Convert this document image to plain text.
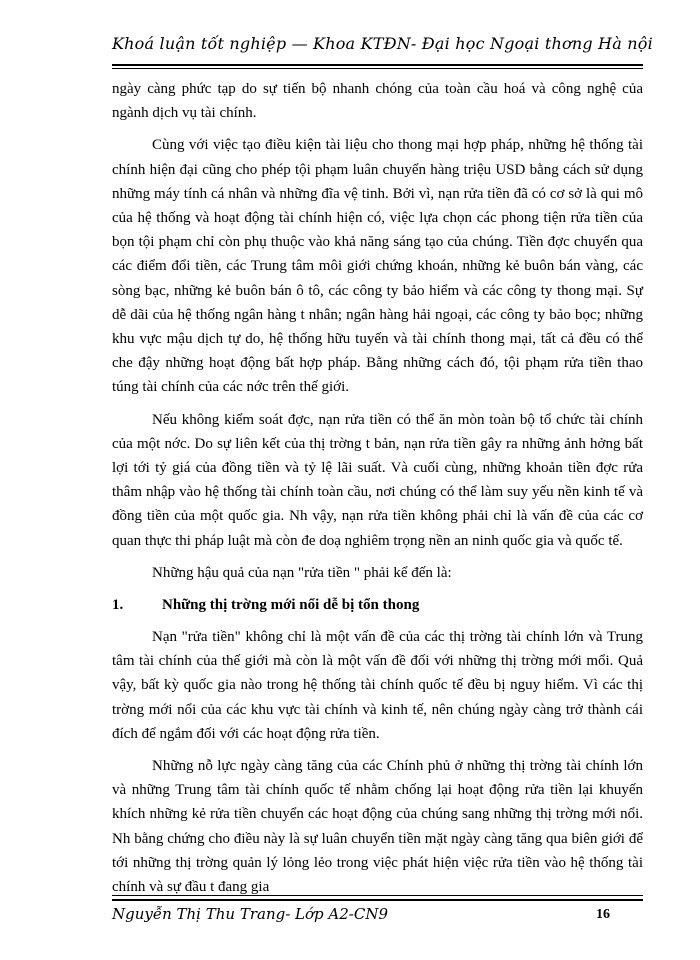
Khoá luận tốt nghiệp — Khoa KTĐN- Đại học Ngoại thơng Hà nội

ngày càng phức tạp do sự tiến bộ nhanh chóng của toàn cầu hoá và công nghệ của ngành dịch vụ tài chính.

Cùng với việc tạo điều kiện tài liệu cho thong mại hợp pháp, những hệ thống tài chính hiện đại cũng cho phép tội phạm luân chuyển hàng triệu USD bằng cách sử dụng những máy tính cá nhân và những đĩa vệ tinh. Bởi vì, nạn rửa tiền đã có cơ sở là qui mô của hệ thống và hoạt động tài chính hiện có, việc lựa chọn các phong tiện rửa tiền của bọn tội phạm chỉ còn phụ thuộc vào khả năng sáng tạo của chúng. Tiền đợc chuyển qua các điểm đổi tiền, các Trung tâm môi giới chứng khoán, những kẻ buôn bán vàng, các sòng bạc, những kẻ buôn bán ô tô, các công ty bảo hiểm và các công ty thong mại. Sự dễ dãi của hệ thống ngân hàng t nhân; ngân hàng hải ngoại, các công ty bảo bọc; những khu vực mậu dịch tự do, hệ thống hữu tuyến và tài chính thong mại, tất cả đều có thể che đậy những hoạt động bất hợp pháp. Bằng những cách đó, tội phạm rửa tiền thao túng tài chính của các nớc trên thế giới.

Nếu không kiểm soát đợc, nạn rửa tiền có thể ăn mòn toàn bộ tổ chức tài chính của một nớc. Do sự liên kết của thị trờng t bản, nạn rửa tiền gây ra những ảnh hởng bất lợi tới tỷ giá của đồng tiền và tỷ lệ lãi suất. Và cuối cùng, những khoản tiền đợc rửa thâm nhập vào hệ thống tài chính toàn cầu, nơi chúng có thể làm suy yếu nền kinh tế và đồng tiền của một quốc gia. Nh vậy, nạn rửa tiền không phải chỉ là vấn đề của các cơ quan thực thi pháp luật mà còn đe doạ nghiêm trọng nền an ninh quốc gia và quốc tế.

Những hậu quả của nạn "rửa tiền " phải kể đến là:

1.	Những thị trờng mới nổi dễ bị tổn thong

Nạn "rửa tiền" không chỉ là một vấn đề của các thị trờng tài chính lớn và Trung tâm tài chính của thế giới mà còn là một vấn đề đối với những thị trờng mới mổi. Quả vậy, bất kỳ quốc gia nào trong hệ thống tài chính quốc tế đều bị nguy hiểm. Vì các thị trờng mới nổi của các khu vực tài chính và kinh tế, nên chúng ngày càng trở thành cái đích để ngắm đối với các hoạt động rửa tiền.

Những nỗ lực ngày càng tăng của các Chính phủ ở những thị trờng tài chính lớn và những Trung tâm tài chính quốc tế nhằm chống lại hoạt động rửa tiền lại khuyến khích những kẻ rửa tiền chuyển các hoạt động của chúng sang những thị trờng mới nổi. Nh bằng chứng cho điều này là sự luân chuyển tiền mặt ngày càng tăng qua biên giới để tới những thị trờng quản lý lỏng lẻo trong việc phát hiện việc rửa tiền vào hệ thống tài chính và sự đầu t đang gia

Nguyễn Thị Thu Trang- Lớp A2-CN9	16
